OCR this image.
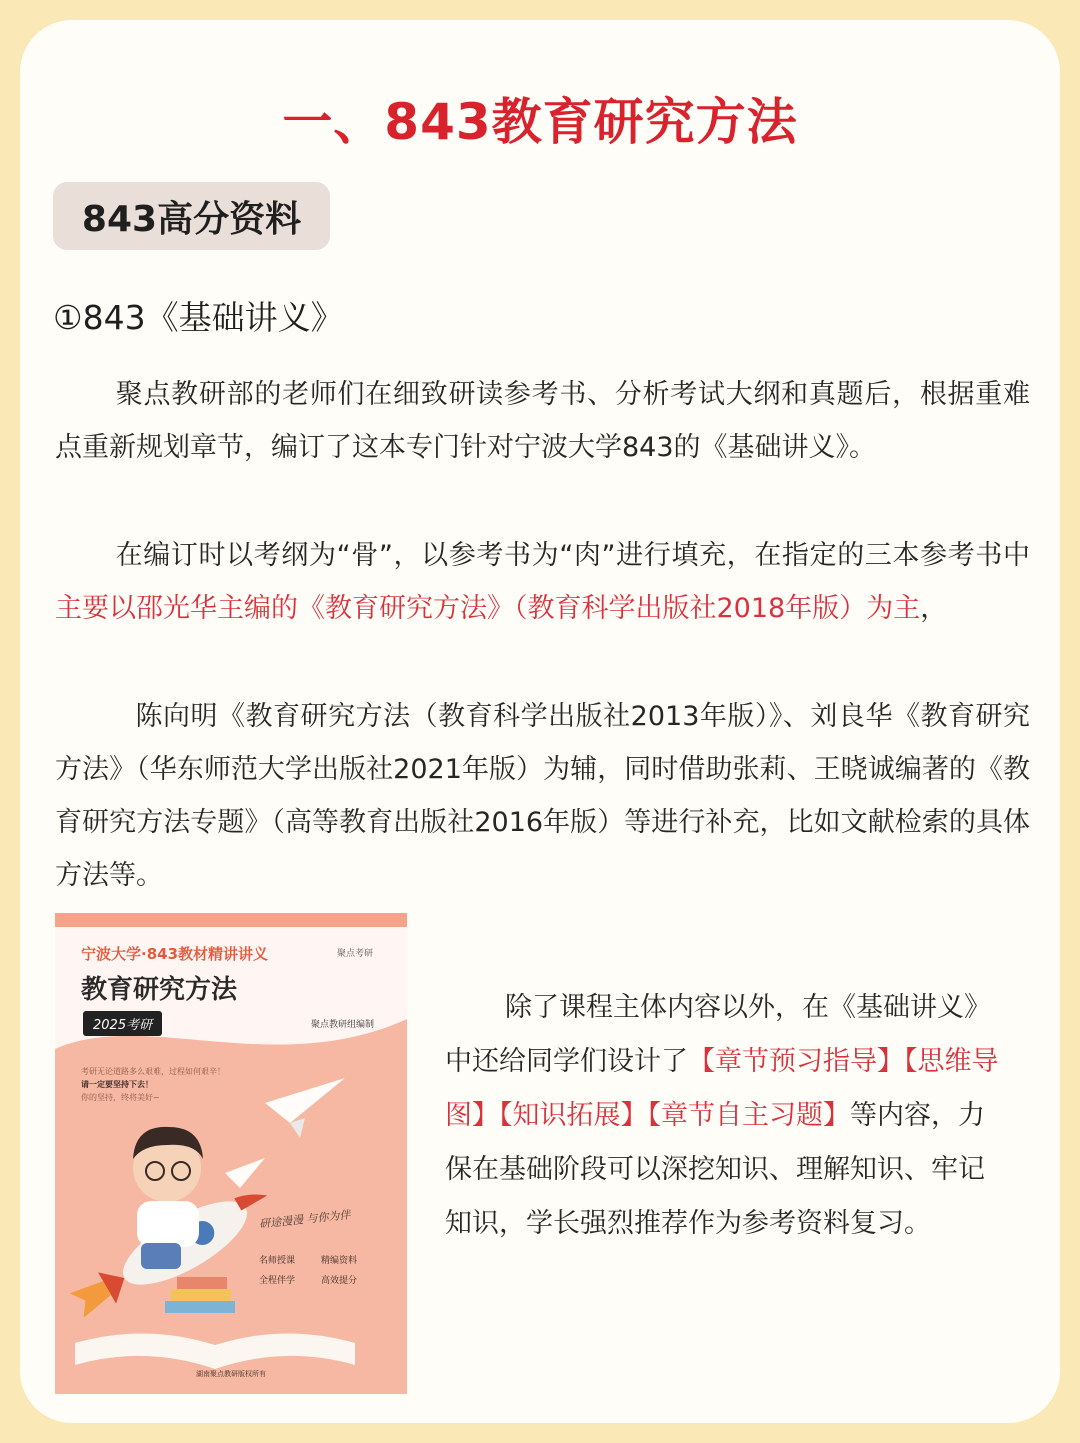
一、843教育研究方法
843高分资料
①843《基础讲义》
聚点教研部的老师们在细致研读参考书、分析考试大纲和真题后，根据重难点重新规划章节，编订了这本专门针对宁波大学843的《基础讲义》。
在编订时以考纲为“骨”，以参考书为“肉”进行填充，在指定的三本参考书中主要以邵光华主编的《教育研究方法》（教育科学出版社2018年版）为主，
陈向明《教育研究方法（教育科学出版社2013年版）》、刘良华《教育研究方法》（华东师范大学出版社2021年版）为辅，同时借助张莉、王晓诚编著的《教育研究方法专题》（高等教育出版社2016年版）等进行补充，比如文献检索的具体方法等。
宁波大学·843教材精讲讲义	聚点考研
教育研究方法
2025考研	聚点教研组编制
考研无论道路多么艰难，过程如何艰辛！
请一定要坚持下去！
你的坚持，终将美好~
研途漫漫 与你为伴
名师授课	精编资料
全程伴学	高效提分
湖南聚点教研版权所有
除了课程主体内容以外，在《基础讲义》中还给同学们设计了【章节预习指导】【思维导图】【知识拓展】【章节自主习题】等内容，力保在基础阶段可以深挖知识、理解知识、牢记知识，学长强烈推荐作为参考资料复习。
